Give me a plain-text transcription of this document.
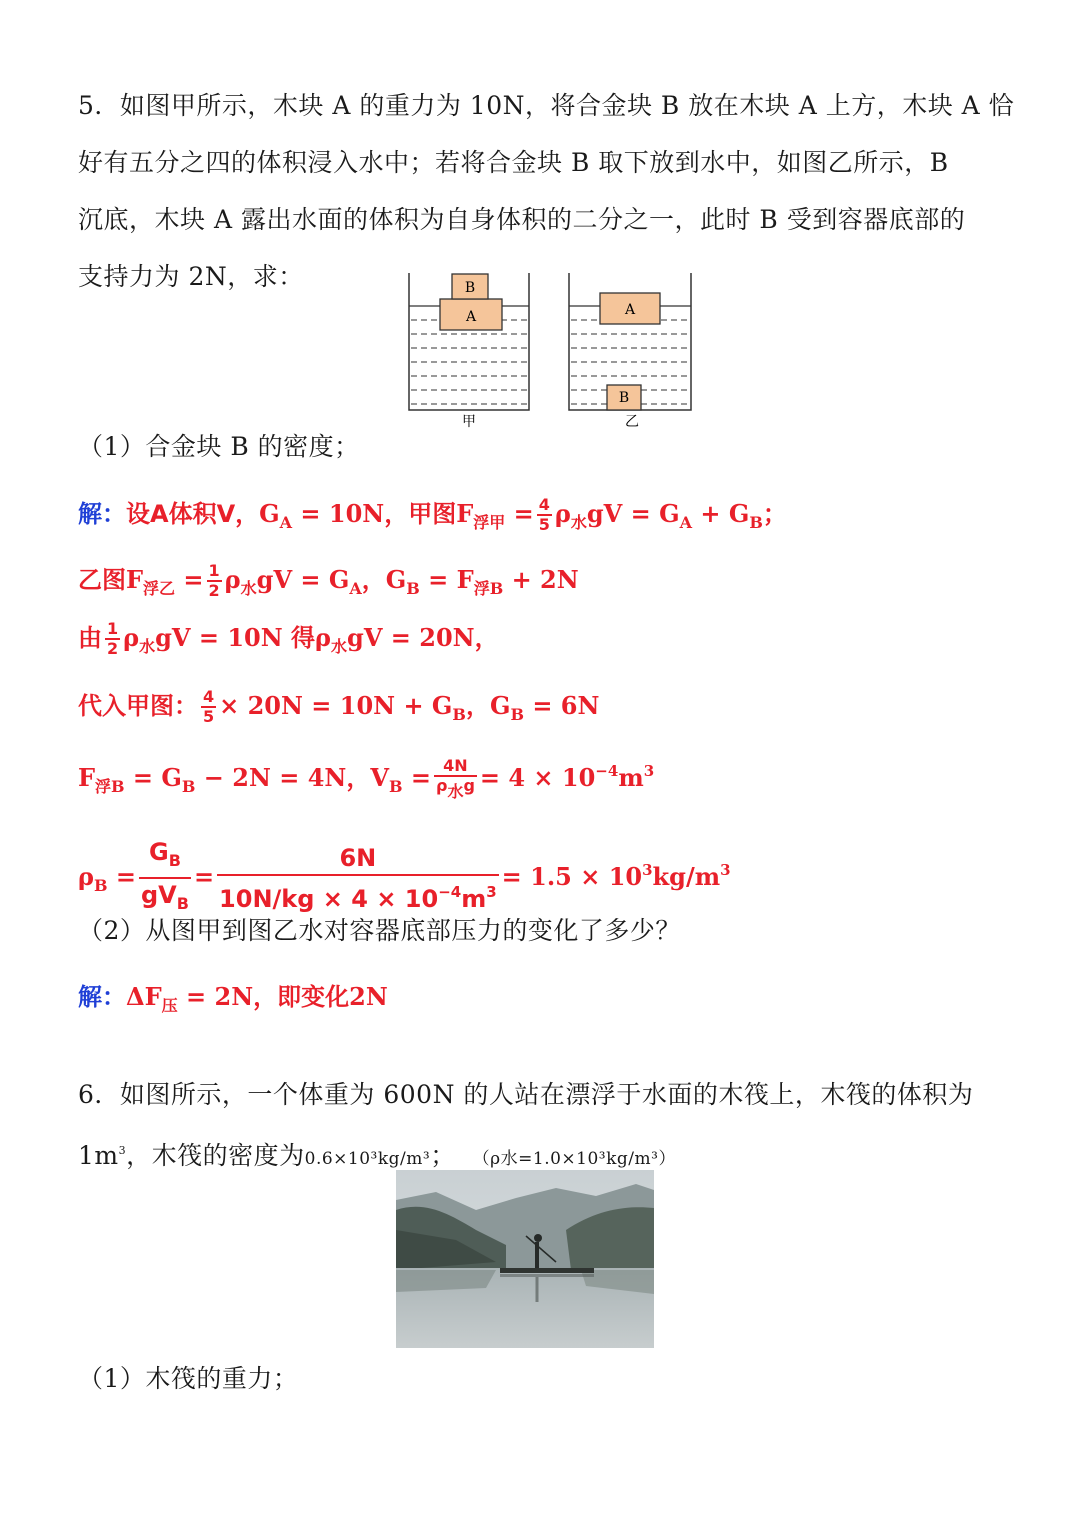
5．如图甲所示，木块 A 的重力为 10N，将合金块 B 放在木块 A 上方，木块 A 恰
好有五分之四的体积浸入水中；若将合金块 B 取下放到水中，如图乙所示，B
沉底，木块 A 露出水面的体积为自身体积的二分之一，此时 B 受到容器底部的
支持力为 2N，求：
A
B
甲
A
B
乙
（1）合金块 B 的密度；
解：设A体积V，$G_A = 10N$，甲图$F_{浮甲} = \frac{4}{5} \rho_水gV = G_A + G_B$；
乙图$F_{浮乙} = \frac{1}{2} \rho_水gV = G_A$，$G_B = F_{浮B} + 2N$
由 $\frac{1}{2} \rho_水gV = 10N$ 得$\rho_水gV = 20N$，
代入甲图： $\frac{4}{5} \times 20N = 10N + G_B$，$G_B = 6N$
$F_{浮B} = G_B - 2N = 4N$，$V_B = \frac{4N}{\rho_水g} = 4 \times 10^{-4}m^3$
$\rho_B = \frac{G_B}{gV_B} = \frac{6N}{10N/kg \times 4 \times 10^{-4}m^3} = 1.5 \times 10^3kg/m^3$
（2）从图甲到图乙水对容器底部压力的变化了多少？
解：$\Delta F_压 = 2N$，即变化2N
6．如图所示，一个体重为 600N 的人站在漂浮于水面的木筏上，木筏的体积为
$1m^3$，木筏的密度为0.6×10³kg/m³； （ρ水=1.0×10³kg/m³）
（1）木筏的重力；
